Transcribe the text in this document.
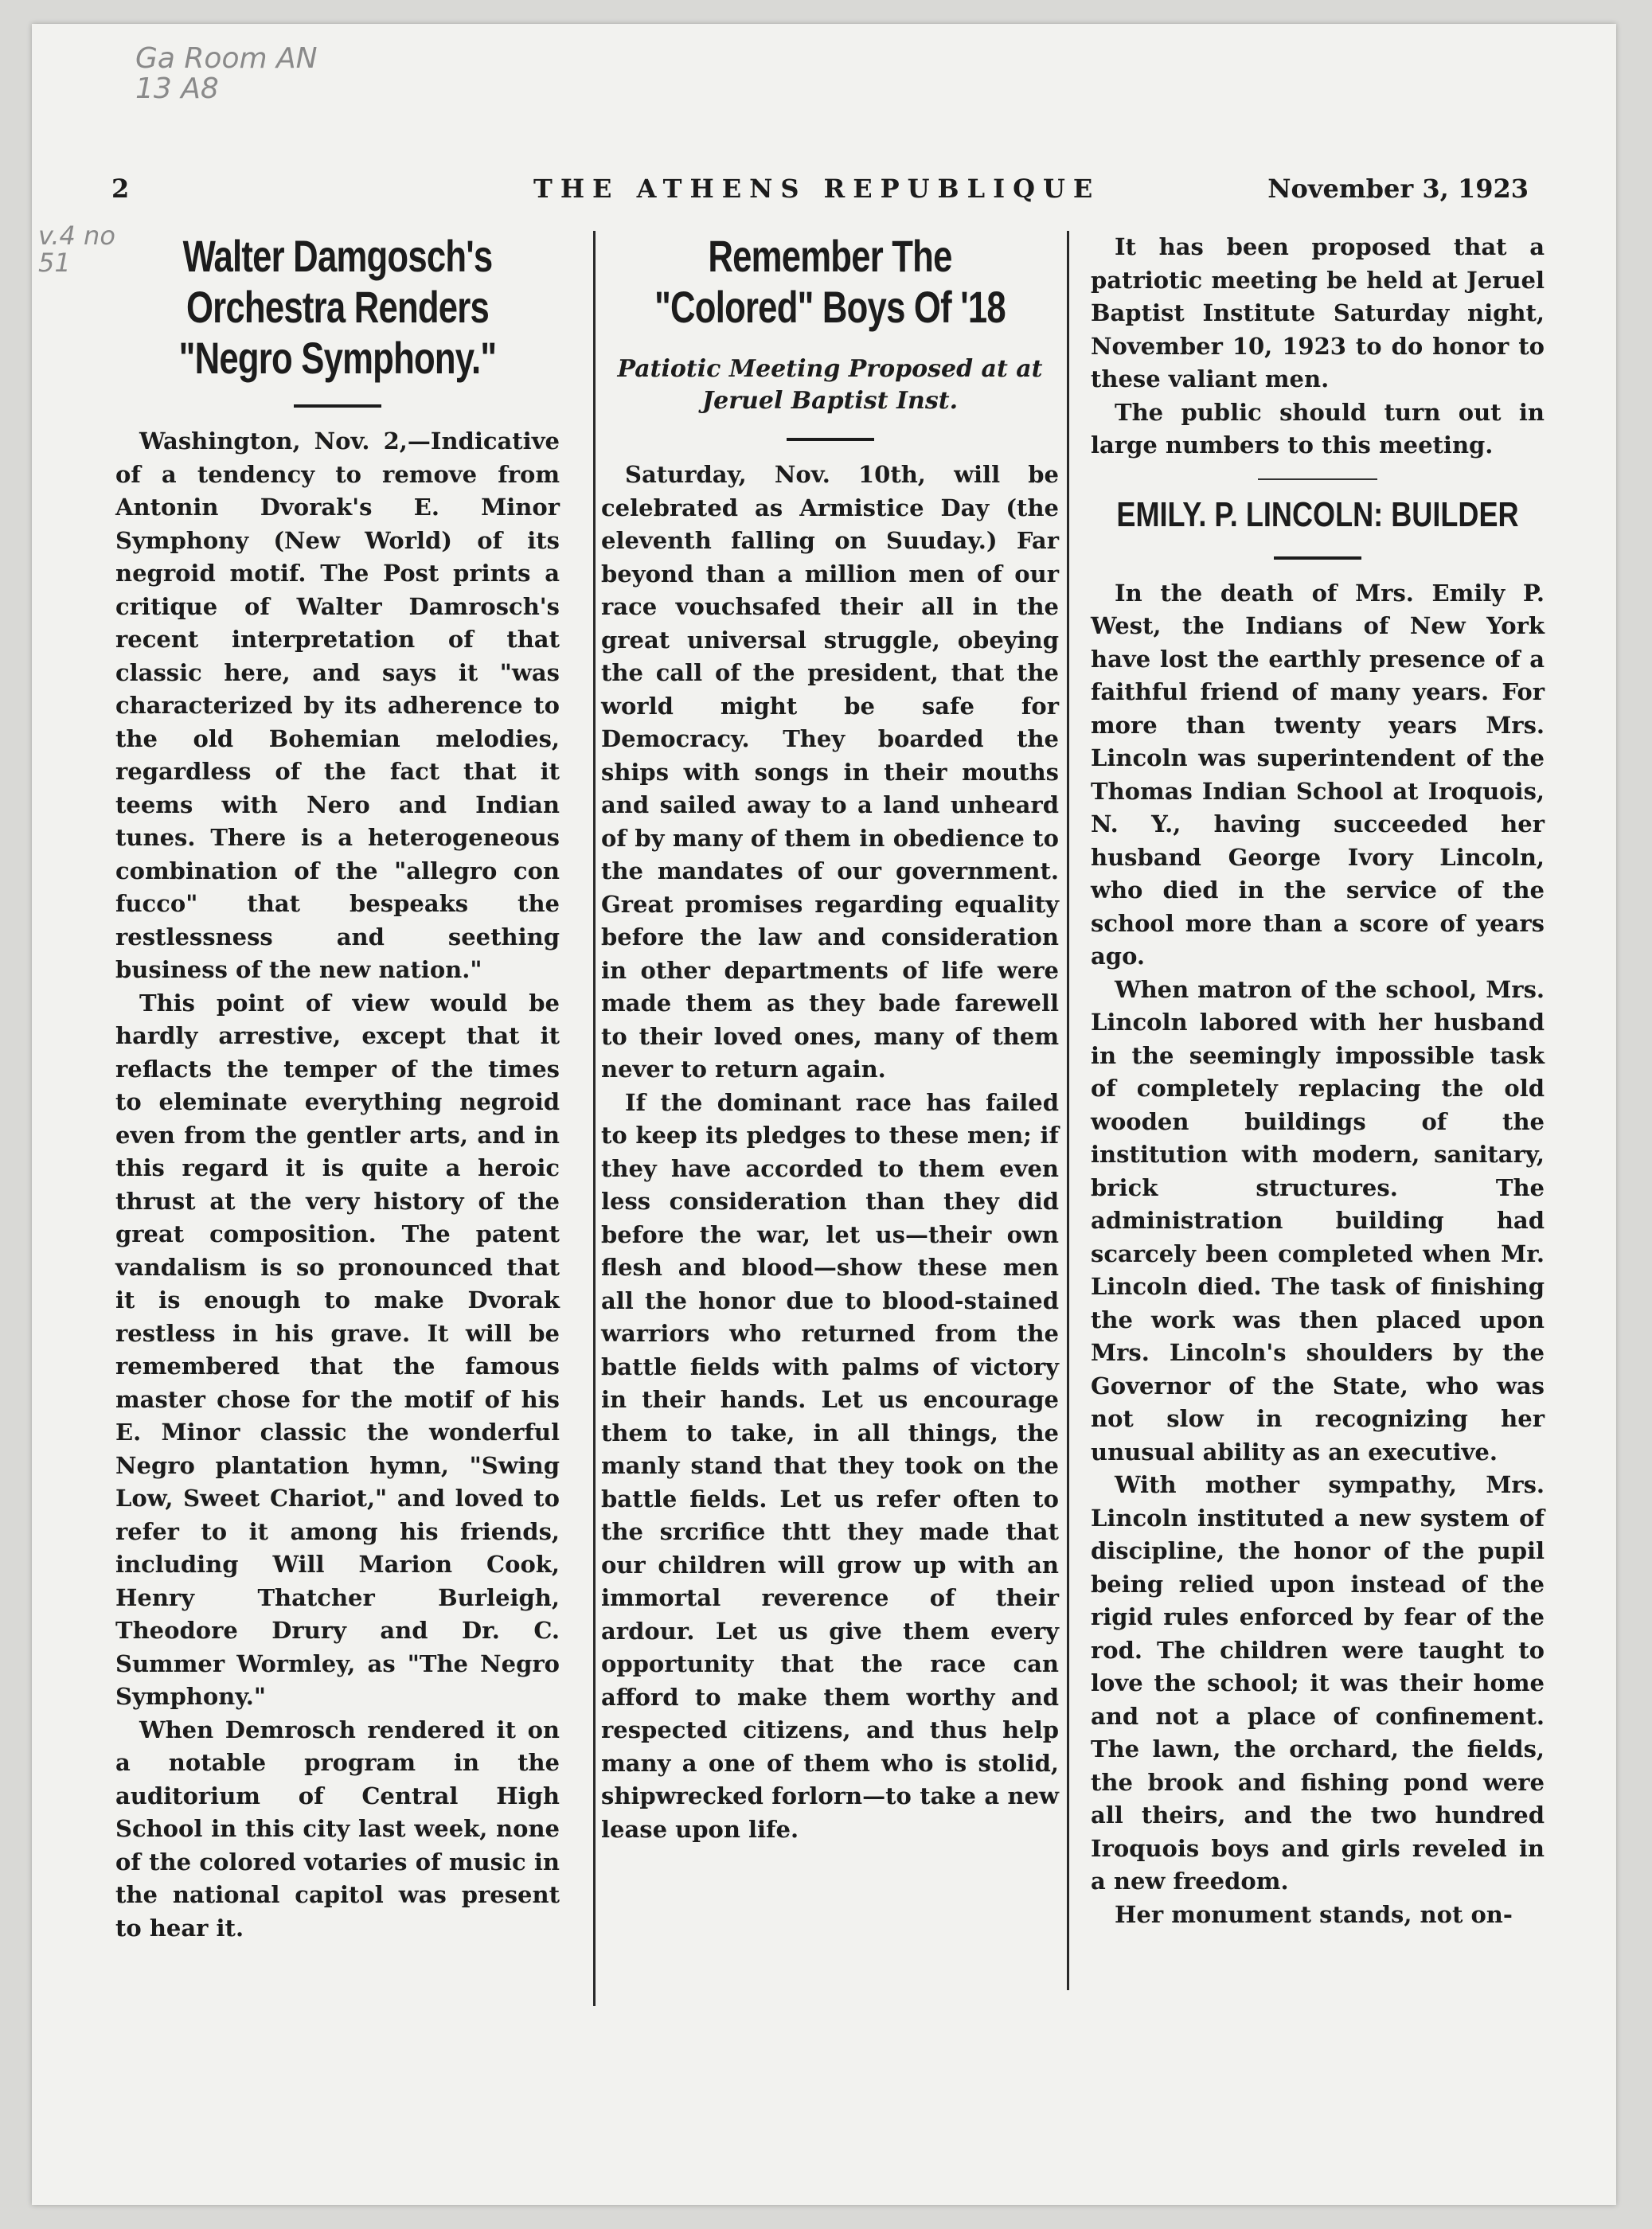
Ga Room AN 13 A8
v.4 no 51
2	THE ATHENS REPUBLIQUE	November 3, 1923
Walter Damgosch's Orchestra Renders "Negro Symphony."

Washington, Nov. 2,—Indicative of a tendency to remove from Antonin Dvorak's E. Minor Symphony (New World) of its negroid motif. The Post prints a critique of Walter Damrosch's recent interpretation of that classic here, and says it "was characterized by its adherence to the old Bohemian melodies, regardless of the fact that it teems with Nero and Indian tunes. There is a heterogeneous combination of the "allegro con fucco" that bespeaks the restlessness and seething business of the new nation."

This point of view would be hardly arrestive, except that it reflacts the temper of the times to eleminate everything negroid even from the gentler arts, and in this regard it is quite a heroic thrust at the very history of the great composition. The patent vandalism is so pronounced that it is enough to make Dvorak restless in his grave. It will be remembered that the famous master chose for the motif of his E. Minor classic the wonderful Negro plantation hymn, "Swing Low, Sweet Chariot," and loved to refer to it among his friends, including Will Marion Cook, Henry Thatcher Burleigh, Theodore Drury and Dr. C. Summer Wormley, as "The Negro Symphony."

When Demrosch rendered it on a notable program in the auditorium of Central High School in this city last week, none of the colored votaries of music in the national capitol was present to hear it.

Remember The "Colored" Boys Of '18
Patiotic Meeting Proposed at at Jeruel Baptist Inst.

Saturday, Nov. 10th, will be celebrated as Armistice Day (the eleventh falling on Suuday.) Far beyond than a million men of our race vouchsafed their all in the great universal struggle, obeying the call of the president, that the world might be safe for Democracy. They boarded the ships with songs in their mouths and sailed away to a land unheard of by many of them in obedience to the mandates of our government. Great promises regarding equality before the law and consideration in other departments of life were made them as they bade farewell to their loved ones, many of them never to return again.

If the dominant race has failed to keep its pledges to these men; if they have accorded to them even less consideration than they did before the war, let us—their own flesh and blood—show these men all the honor due to blood-stained warriors who returned from the battle fields with palms of victory in their hands. Let us encourage them to take, in all things, the manly stand that they took on the battle fields. Let us refer often to the srcrifice thtt they made that our children will grow up with an immortal reverence of their ardour. Let us give them every opportunity that the race can afford to make them worthy and respected citizens, and thus help many a one of them who is stolid, shipwrecked forlorn—to take a new lease upon life.

It has been proposed that a patriotic meeting be held at Jeruel Baptist Institute Saturday night, November 10, 1923 to do honor to these valiant men.

The public should turn out in large numbers to this meeting.

EMILY. P. LINCOLN: BUILDER

In the death of Mrs. Emily P. West, the Indians of New York have lost the earthly presence of a faithful friend of many years. For more than twenty years Mrs. Lincoln was superintendent of the Thomas Indian School at Iroquois, N. Y., having succeeded her husband George Ivory Lincoln, who died in the service of the school more than a score of years ago.

When matron of the school, Mrs. Lincoln labored with her husband in the seemingly impossible task of completely replacing the old wooden buildings of the institution with modern, sanitary, brick structures. The administration building had scarcely been completed when Mr. Lincoln died. The task of finishing the work was then placed upon Mrs. Lincoln's shoulders by the Governor of the State, who was not slow in recognizing her unusual ability as an executive.

With mother sympathy, Mrs. Lincoln instituted a new system of discipline, the honor of the pupil being relied upon instead of the rigid rules enforced by fear of the rod. The children were taught to love the school; it was their home and not a place of confinement. The lawn, the orchard, the fields, the brook and fishing pond were all theirs, and the two hundred Iroquois boys and girls reveled in a new freedom.

Her monument stands, not on-
